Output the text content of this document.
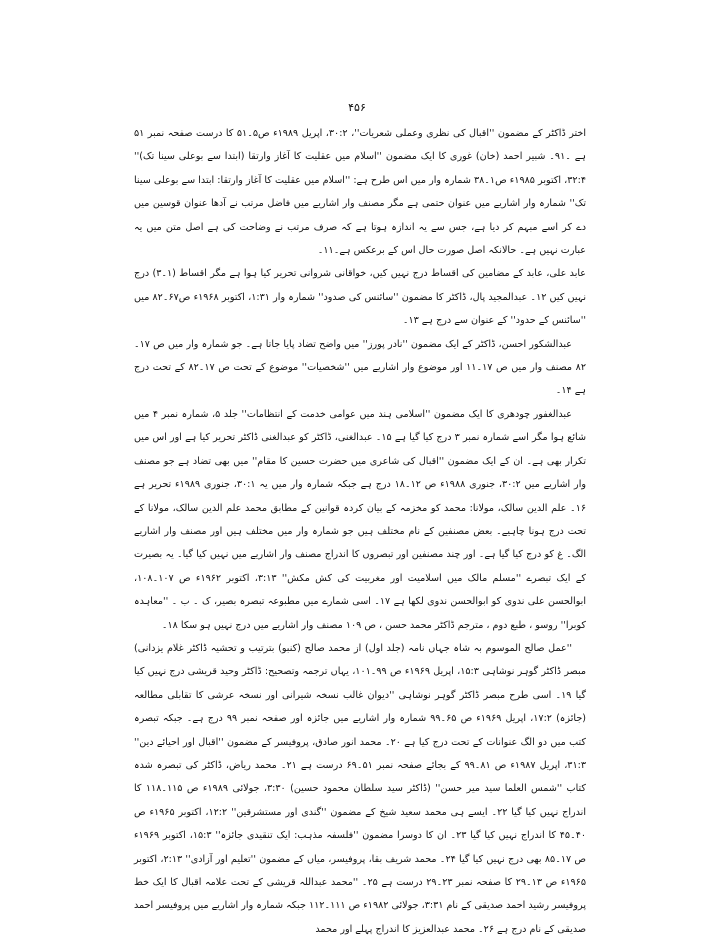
۴۵۶

اختر ڈاکٹر کے مضمون ''اقبال کی نظری وعملی شعریات''، ۳۰:۲، اپریل ۱۹۸۹ء ص۵۔۵۱ کا درست صفحہ نمبر ۵۱ ہے ۔۹۱۔ شبیر احمد (خان) غوری کا ایک مضمون ''اسلام میں عقلیت کا آغاز وارتقا (ابتدا سے بوعلی سینا تک)'' ۳۲:۴، اکتوبر ۱۹۸۵ء ص۱۔۳۸ شمارہ وار میں اس طرح ہے: ''اسلام میں عقلیت کا آغاز وارتقا: ابتدا سے بوعلی سینا تک'' شمارہ وار اشاریے میں عنوان حتمی ہے مگر مصنف وار اشاریے میں فاضل مرتب نے آدھا عنوان قوسین میں دے کر اسے مبہم کر دیا ہے، جس سے یہ اندازہ ہوتا ہے کہ صرف مرتب نے وضاحت کی ہے اصل متن میں یہ عبارت نہیں ہے۔ حالانکہ اصل صورت حال اس کے برعکس ہے۔۱۱۔

عابد علی، عابد کے مضامین کی اقساط درج نہیں کیں، خواقانی شروانی تحریر کیا ہوا ہے مگر اقساط (۱۔۳) درج نہیں کیں ۱۲۔ عبدالمجید پال، ڈاکٹر کا مضمون ''سائنس کی صدود'' شمارہ وار ۱:۳۱، اکتوبر ۱۹۶۸ء ص۶۷۔۸۲ میں ''سائنس کے حدود'' کے عنوان سے درج ہے ۱۳۔

عبدالشکور احسن، ڈاکٹر کے ایک مضمون ''نادر پورز'' میں واضح تضاد پایا جاتا ہے۔ جو شمارہ وار میں ص ۱۷۔۸۲ مصنف وار میں ص ۱۷۔۱۱ اور موضوع وار اشاریے میں ''شخصیات'' موضوع کے تحت ص ۱۷۔۸۲ کے تحت درج ہے ۱۴۔

عبدالغفور چودھری کا ایک مضمون ''اسلامی ہند میں عوامی خدمت کے انتظامات'' جلد ۵، شمارہ نمبر ۴ میں شائع ہوا مگر اسے شمارہ نمبر ۳ درج کیا گیا ہے ۱۵۔ عبدالغنی، ڈاکٹر کو عبدالغنی ڈاکٹر تحریر کیا ہے اور اس میں تکرار بھی ہے۔ ان کے ایک مضمون ''اقبال کی شاعری میں حضرت حسین کا مقام'' میں بھی تضاد ہے جو مصنف وار اشاریے میں ۳۰:۲، جنوری ۱۹۸۸ء ص ۱۲۔۱۸ درج ہے جبکہ شمارہ وار میں یہ ۳۰:۱، جنوری ۱۹۸۹ء تحریر ہے ۱۶۔ علم الدین سالک، مولانا: محمد کو مخزمہ کے بیان کردہ قوانین کے مطابق محمد علم الدین سالک، مولانا کے تحت درج ہونا چاہیے۔ بعض مصنفین کے نام مختلف ہیں جو شمارہ وار میں مختلف ہیں اور مصنف وار اشاریے الگ۔ غ کو درج کیا گیا ہے۔ اور چند مصنفین اور تبصروں کا اندراج مصنف وار اشاریے میں نہیں کیا گیا۔ یہ بصیرت کے ایک تبصرے ''مسلم مالک میں اسلامیت اور مغربیت کی کش مکش'' ۳:۱۳، اکتوبر ۱۹۶۲ء ص ۱۰۷۔۱۰۸، ابوالحسن علی ندوی کو ابوالحسن ندوی لکھا ہے ۱۷۔ اسی شمارے میں مطبوعہ تبصرہ بصیر، ک ۔ ب ۔ ''معاہدہ کوبرا'' روسو ، طبع دوم ، مترجم ڈاکٹر محمد حسن ، ص ۱۰۹ مصنف وار اشاریے میں درج نہیں ہو سکا ۱۸۔

''عمل صالح الموسوم بہ شاہ جہاں نامہ (جلد اول) از محمد صالح (کنبو) بترتیب و تحشیہ ڈاکٹر غلام یزدانی) مبصر ڈاکٹر گوہر نوشاہی ۱۵:۳، اپریل ۱۹۶۹ء ص ۹۹۔۱۰۱، یہاں ترجمہ وتصحیح: ڈاکٹر وحید قریشی درج نہیں کیا گیا ۱۹۔ اسی طرح مبصر ڈاکٹر گوہر نوشاہی ''دیوان غالب نسخہ شیرانی اور نسخہ عرشی کا تقابلی مطالعہ (جائزہ) ۱۷:۲، اپریل ۱۹۶۹ء ص ۶۵۔۹۹ شمارہ وار اشاریے میں جائزہ اور صفحہ نمبر ۹۹ درج ہے۔ جبکہ تبصرہ کتب میں دو الگ عنوانات کے تحت درج کیا ہے ۲۰۔ محمد انور صادق، پروفیسر کے مضمون ''اقبال اور احیائے دین'' ۳۱:۳، اپریل ۱۹۸۷ء ص ۸۱۔۹۹ کے بجائے صفحہ نمبر ۵۱۔۶۹ درست ہے ۲۱۔ محمد ریاض، ڈاکٹر کی تبصرہ شدہ کتاب ''شمس العلما سید میر حسن'' (ڈاکٹر سید سلطان محمود حسین) ۳:۳۰، جولائی ۱۹۸۹ء ص ۱۱۵۔۱۱۸ کا اندراج نہیں کیا گیا ۲۲۔ ایسے ہی محمد سعید شیخ کے مضمون ''گندی اور مستشرقین'' ۱۲:۲، اکتوبر ۱۹۶۵ء ص ۴۰۔۴۵ کا اندراج نہیں کیا گیا ۲۳۔ ان کا دوسرا مضمون ''فلسفہ مذہب: ایک تنقیدی جائزہ'' ۱۵:۳، اکتوبر ۱۹۶۹ء ص ۱۷۔۸۵ بھی درج نہیں کیا گیا ۲۴۔ محمد شریف بقا، پروفیسر، میاں کے مضمون ''تعلیم اور آزادی'' ۲:۱۳، اکتوبر ۱۹۶۵ء ص ۱۳۔۲۹ کا صفحہ نمبر ۲۳۔۲۹ درست ہے ۲۵۔ ''محمد عبداللہ قریشی کے تحت علامہ اقبال کا ایک خط پروفیسر رشید احمد صدیقی کے نام ۳:۳۱، جولائی ۱۹۸۲ء ص ۱۱۱۔۱۱۲ جبکہ شمارہ وار اشاریے میں پروفیسر احمد صدیقی کے نام درج ہے ۲۶۔ محمد عبدالعزیز کا اندراج پہلے اور محمد
